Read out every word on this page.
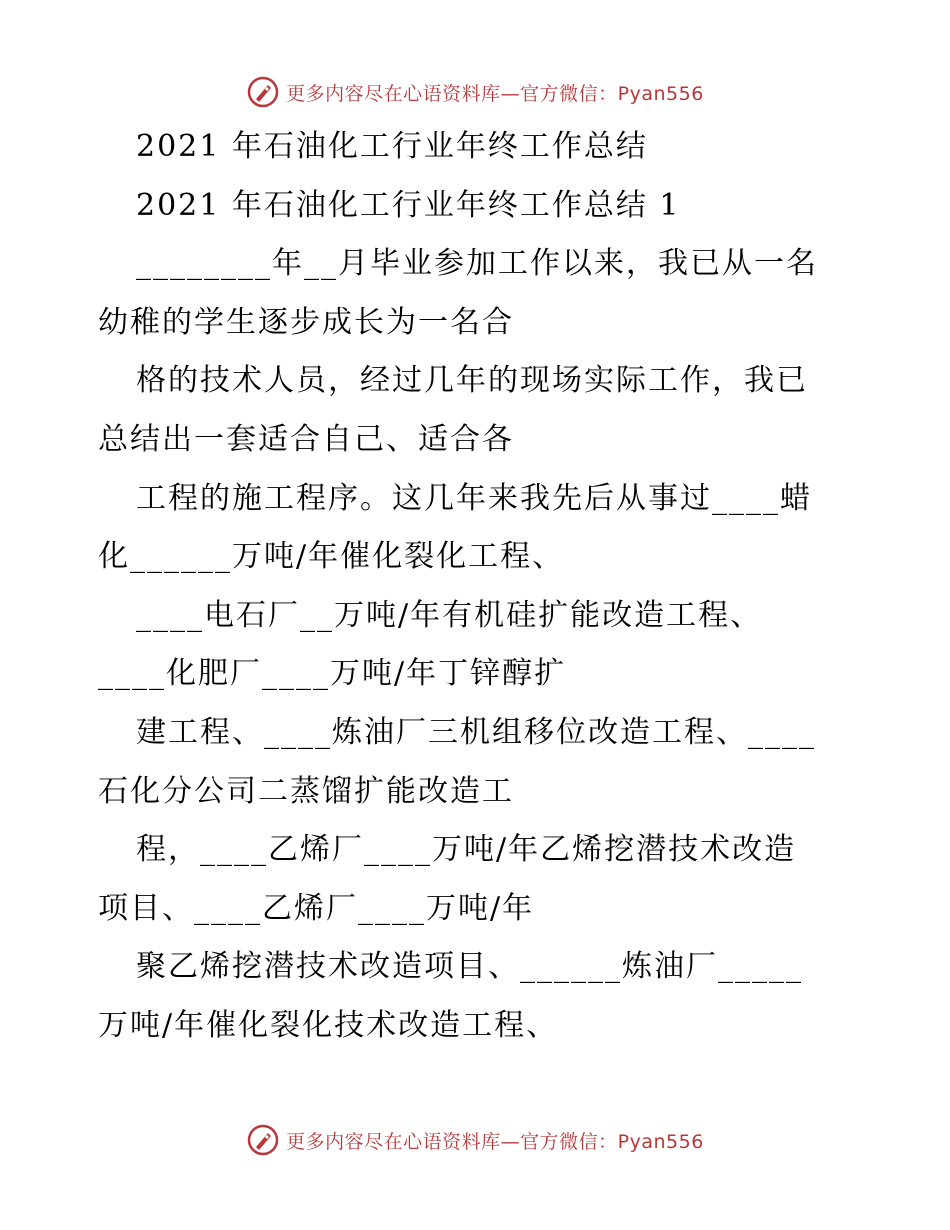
更多内容尽在心语资料库—官方微信：Pyan556
2021 年石油化工行业年终工作总结
2021 年石油化工行业年终工作总结 1
________年__月毕业参加工作以来，我已从一名
幼稚的学生逐步成长为一名合
格的技术人员，经过几年的现场实际工作，我已
总结出一套适合自己、适合各
工程的施工程序。这几年来我先后从事过____蜡
化______万吨/年催化裂化工程、
____电石厂__万吨/年有机硅扩能改造工程、
____化肥厂____万吨/年丁锌醇扩
建工程、____炼油厂三机组移位改造工程、____
石化分公司二蒸馏扩能改造工
程，____乙烯厂____万吨/年乙烯挖潜技术改造
项目、____乙烯厂____万吨/年
聚乙烯挖潜技术改造项目、______炼油厂_____
万吨/年催化裂化技术改造工程、
更多内容尽在心语资料库—官方微信：Pyan556
